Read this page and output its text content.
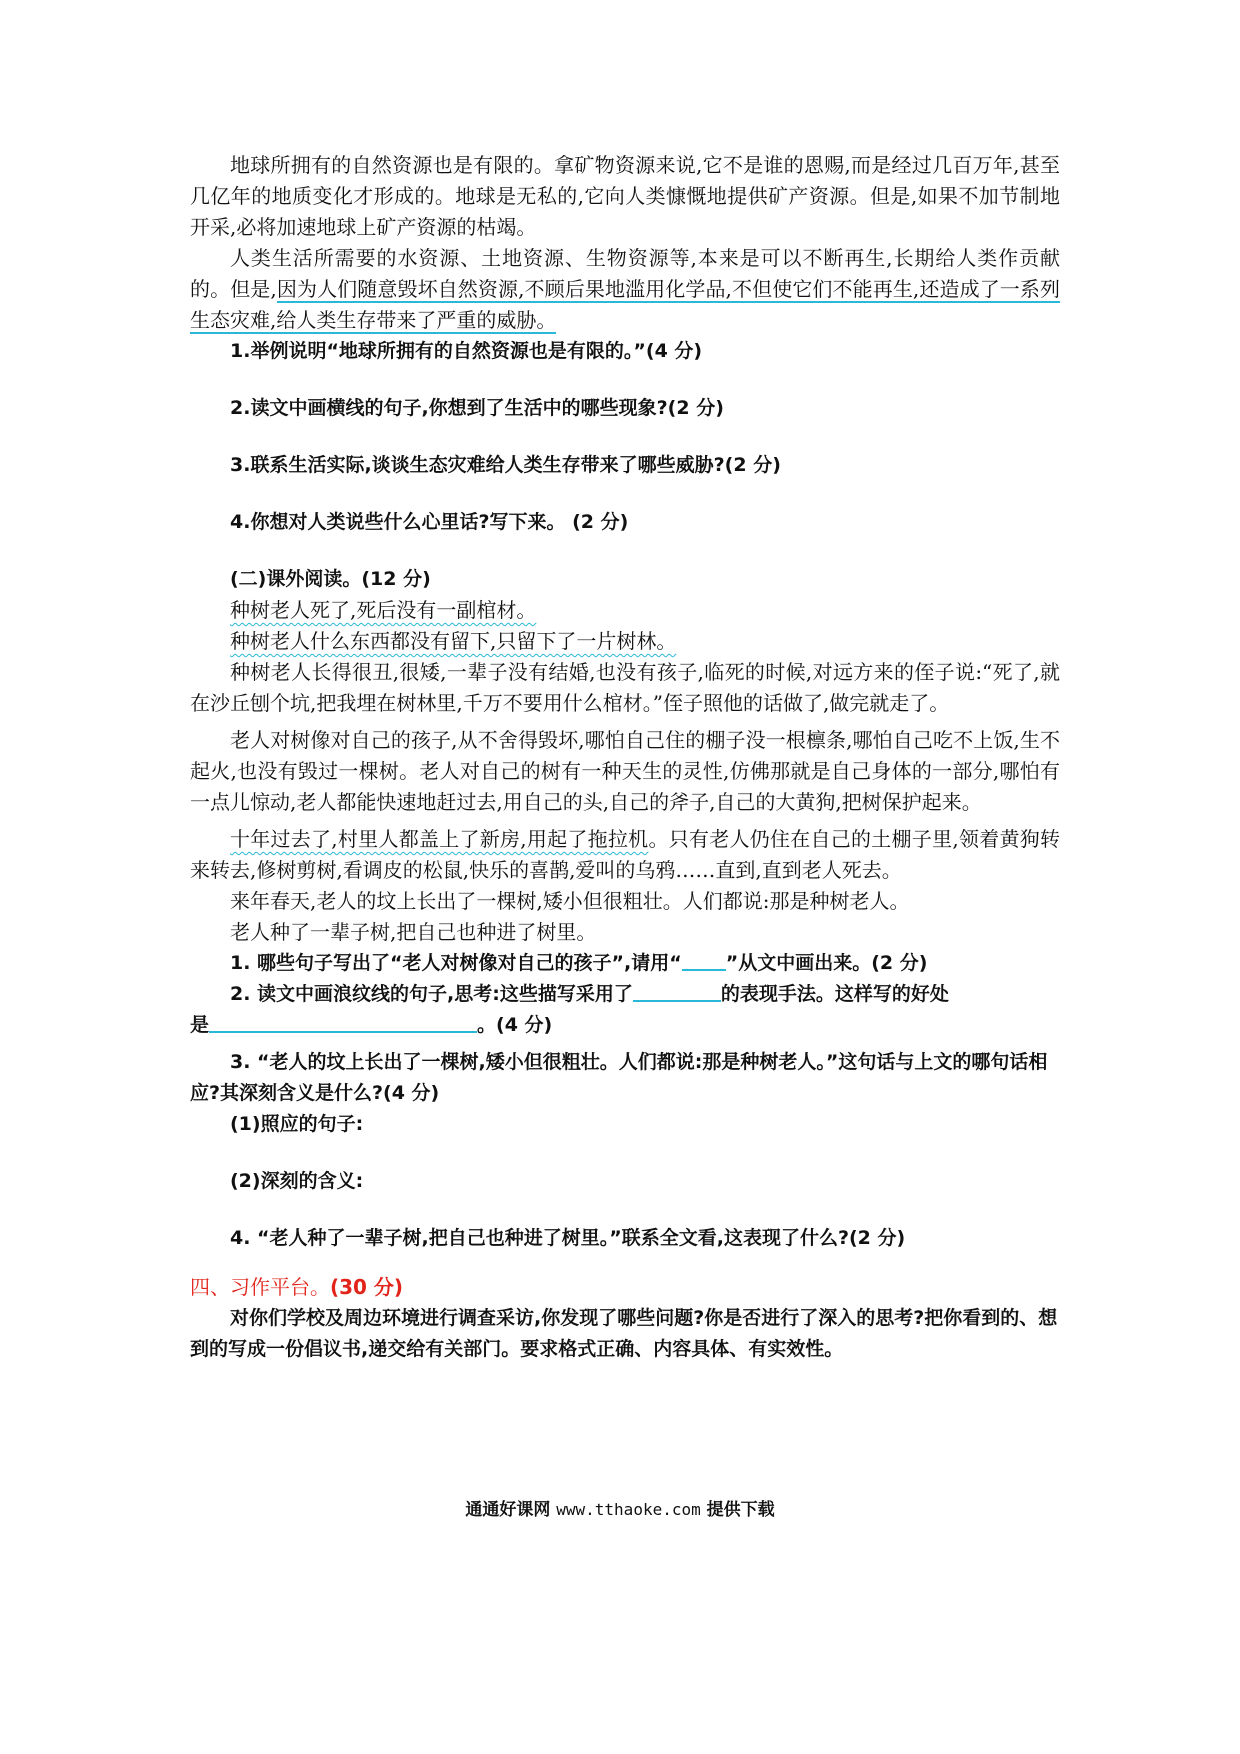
地球所拥有的自然资源也是有限的。拿矿物资源来说,它不是谁的恩赐,而是经过几百万年,甚至几亿年的地质变化才形成的。地球是无私的,它向人类慷慨地提供矿产资源。但是,如果不加节制地开采,必将加速地球上矿产资源的枯竭。

人类生活所需要的水资源、土地资源、生物资源等,本来是可以不断再生,长期给人类作贡献的。但是,因为人们随意毁坏自然资源,不顾后果地滥用化学品,不但使它们不能再生,还造成了一系列生态灾难,给人类生存带来了严重的威胁。

1.举例说明“地球所拥有的自然资源也是有限的。”(4 分)

2.读文中画横线的句子,你想到了生活中的哪些现象?(2 分)

3.联系生活实际,谈谈生态灾难给人类生存带来了哪些威胁?(2 分)

4.你想对人类说些什么心里话?写下来。 (2 分)

(二)课外阅读。(12 分)

种树老人死了,死后没有一副棺材。

种树老人什么东西都没有留下,只留下了一片树林。

种树老人长得很丑,很矮,一辈子没有结婚,也没有孩子,临死的时候,对远方来的侄子说:“死了,就在沙丘刨个坑,把我埋在树林里,千万不要用什么棺材。”侄子照他的话做了,做完就走了。

老人对树像对自己的孩子,从不舍得毁坏,哪怕自己住的棚子没一根檩条,哪怕自己吃不上饭,生不起火,也没有毁过一棵树。老人对自己的树有一种天生的灵性,仿佛那就是自己身体的一部分,哪怕有一点儿惊动,老人都能快速地赶过去,用自己的头,自己的斧子,自己的大黄狗,把树保护起来。

十年过去了,村里人都盖上了新房,用起了拖拉机。只有老人仍住在自己的土棚子里,领着黄狗转来转去,修树剪树,看调皮的松鼠,快乐的喜鹊,爱叫的乌鸦……直到,直到老人死去。

来年春天,老人的坟上长出了一棵树,矮小但很粗壮。人们都说:那是种树老人。

老人种了一辈子树,把自己也种进了树里。

1. 哪些句子写出了“老人对树像对自己的孩子”,请用“ ”从文中画出来。(2 分)

2. 读文中画浪纹线的句子,思考:这些描写采用了	的表现手法。这样写的好处

是	。(4 分)

3. “老人的坟上长出了一棵树,矮小但很粗壮。人们都说:那是种树老人。”这句话与上文的哪句话相应?其深刻含义是什么?(4 分)

(1)照应的句子:

(2)深刻的含义:

4. “老人种了一辈子树,把自己也种进了树里。”联系全文看,这表现了什么?(2 分)

四、习作平台。(30 分)

对你们学校及周边环境进行调查采访,你发现了哪些问题?你是否进行了深入的思考?把你看到的、想到的写成一份倡议书,递交给有关部门。要求格式正确、内容具体、有实效性。

通通好课网 www.tthaoke.com 提供下载
